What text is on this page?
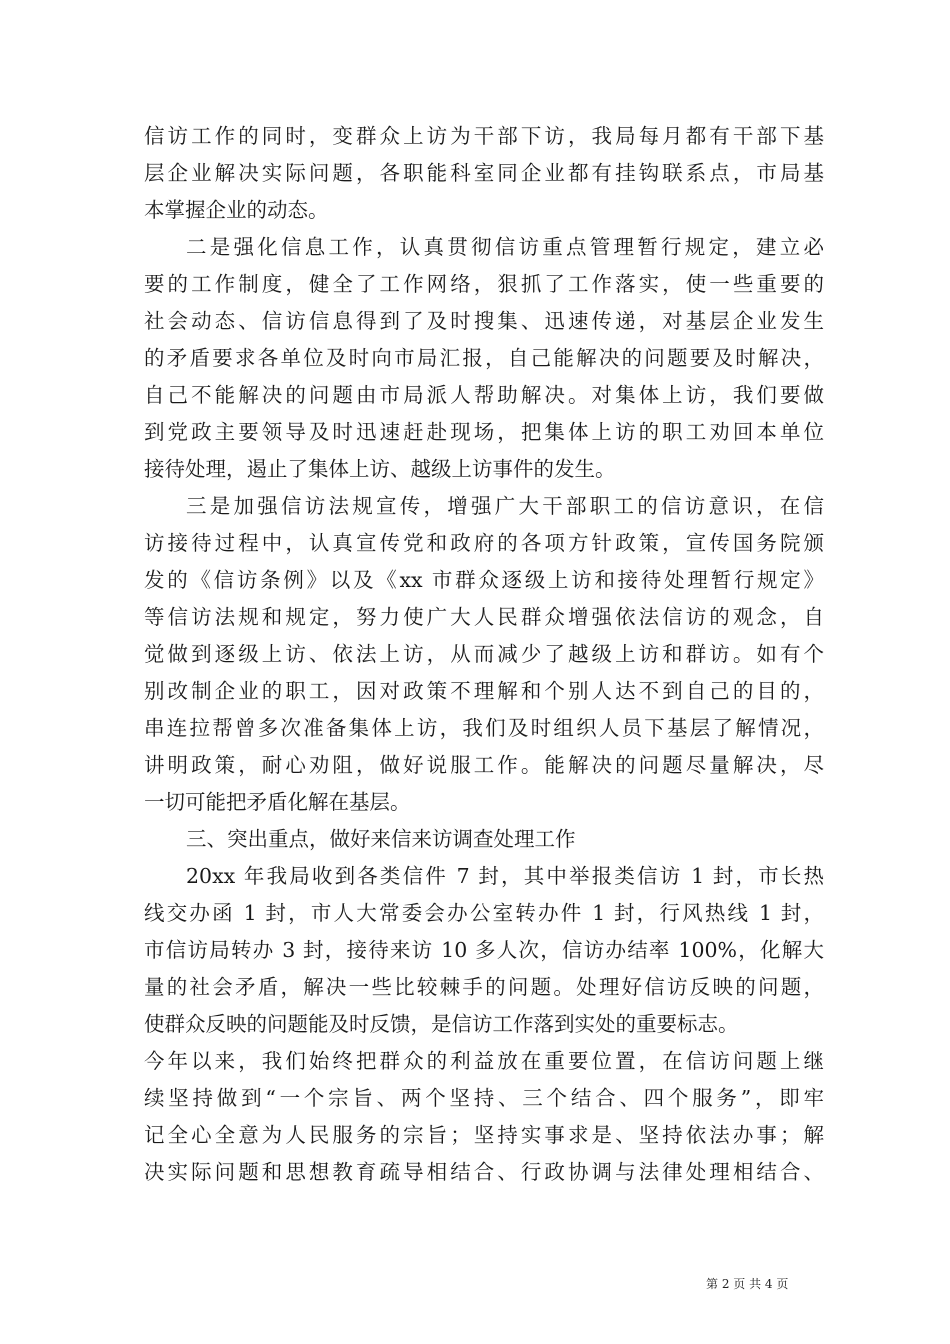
信访工作的同时，变群众上访为干部下访，我局每月都有干部下基
层企业解决实际问题，各职能科室同企业都有挂钩联系点，市局基
本掌握企业的动态。
二是强化信息工作，认真贯彻信访重点管理暂行规定，建立必
要的工作制度，健全了工作网络，狠抓了工作落实，使一些重要的
社会动态、信访信息得到了及时搜集、迅速传递，对基层企业发生
的矛盾要求各单位及时向市局汇报，自己能解决的问题要及时解决，
自己不能解决的问题由市局派人帮助解决。对集体上访，我们要做
到党政主要领导及时迅速赶赴现场，把集体上访的职工劝回本单位
接待处理，遏止了集体上访、越级上访事件的发生。
三是加强信访法规宣传，增强广大干部职工的信访意识，在信
访接待过程中，认真宣传党和政府的各项方针政策，宣传国务院颁
发的《信访条例》以及《xx 市群众逐级上访和接待处理暂行规定》
等信访法规和规定，努力使广大人民群众增强依法信访的观念，自
觉做到逐级上访、依法上访，从而减少了越级上访和群访。如有个
别改制企业的职工，因对政策不理解和个别人达不到自己的目的，
串连拉帮曾多次准备集体上访，我们及时组织人员下基层了解情况，
讲明政策，耐心劝阻，做好说服工作。能解决的问题尽量解决，尽
一切可能把矛盾化解在基层。
三、突出重点，做好来信来访调查处理工作
20xx 年我局收到各类信件 7 封，其中举报类信访 1 封，市长热
线交办函 1 封，市人大常委会办公室转办件 1 封，行风热线 1 封，
市信访局转办 3 封，接待来访 10 多人次，信访办结率 100%，化解大
量的社会矛盾，解决一些比较棘手的问题。处理好信访反映的问题，
使群众反映的问题能及时反馈，是信访工作落到实处的重要标志。
今年以来，我们始终把群众的利益放在重要位置，在信访问题上继
续坚持做到“一个宗旨、两个坚持、三个结合、四个服务”，即牢
记全心全意为人民服务的宗旨；坚持实事求是、坚持依法办事；解
决实际问题和思想教育疏导相结合、行政协调与法律处理相结合、
第 2 页 共 4 页
